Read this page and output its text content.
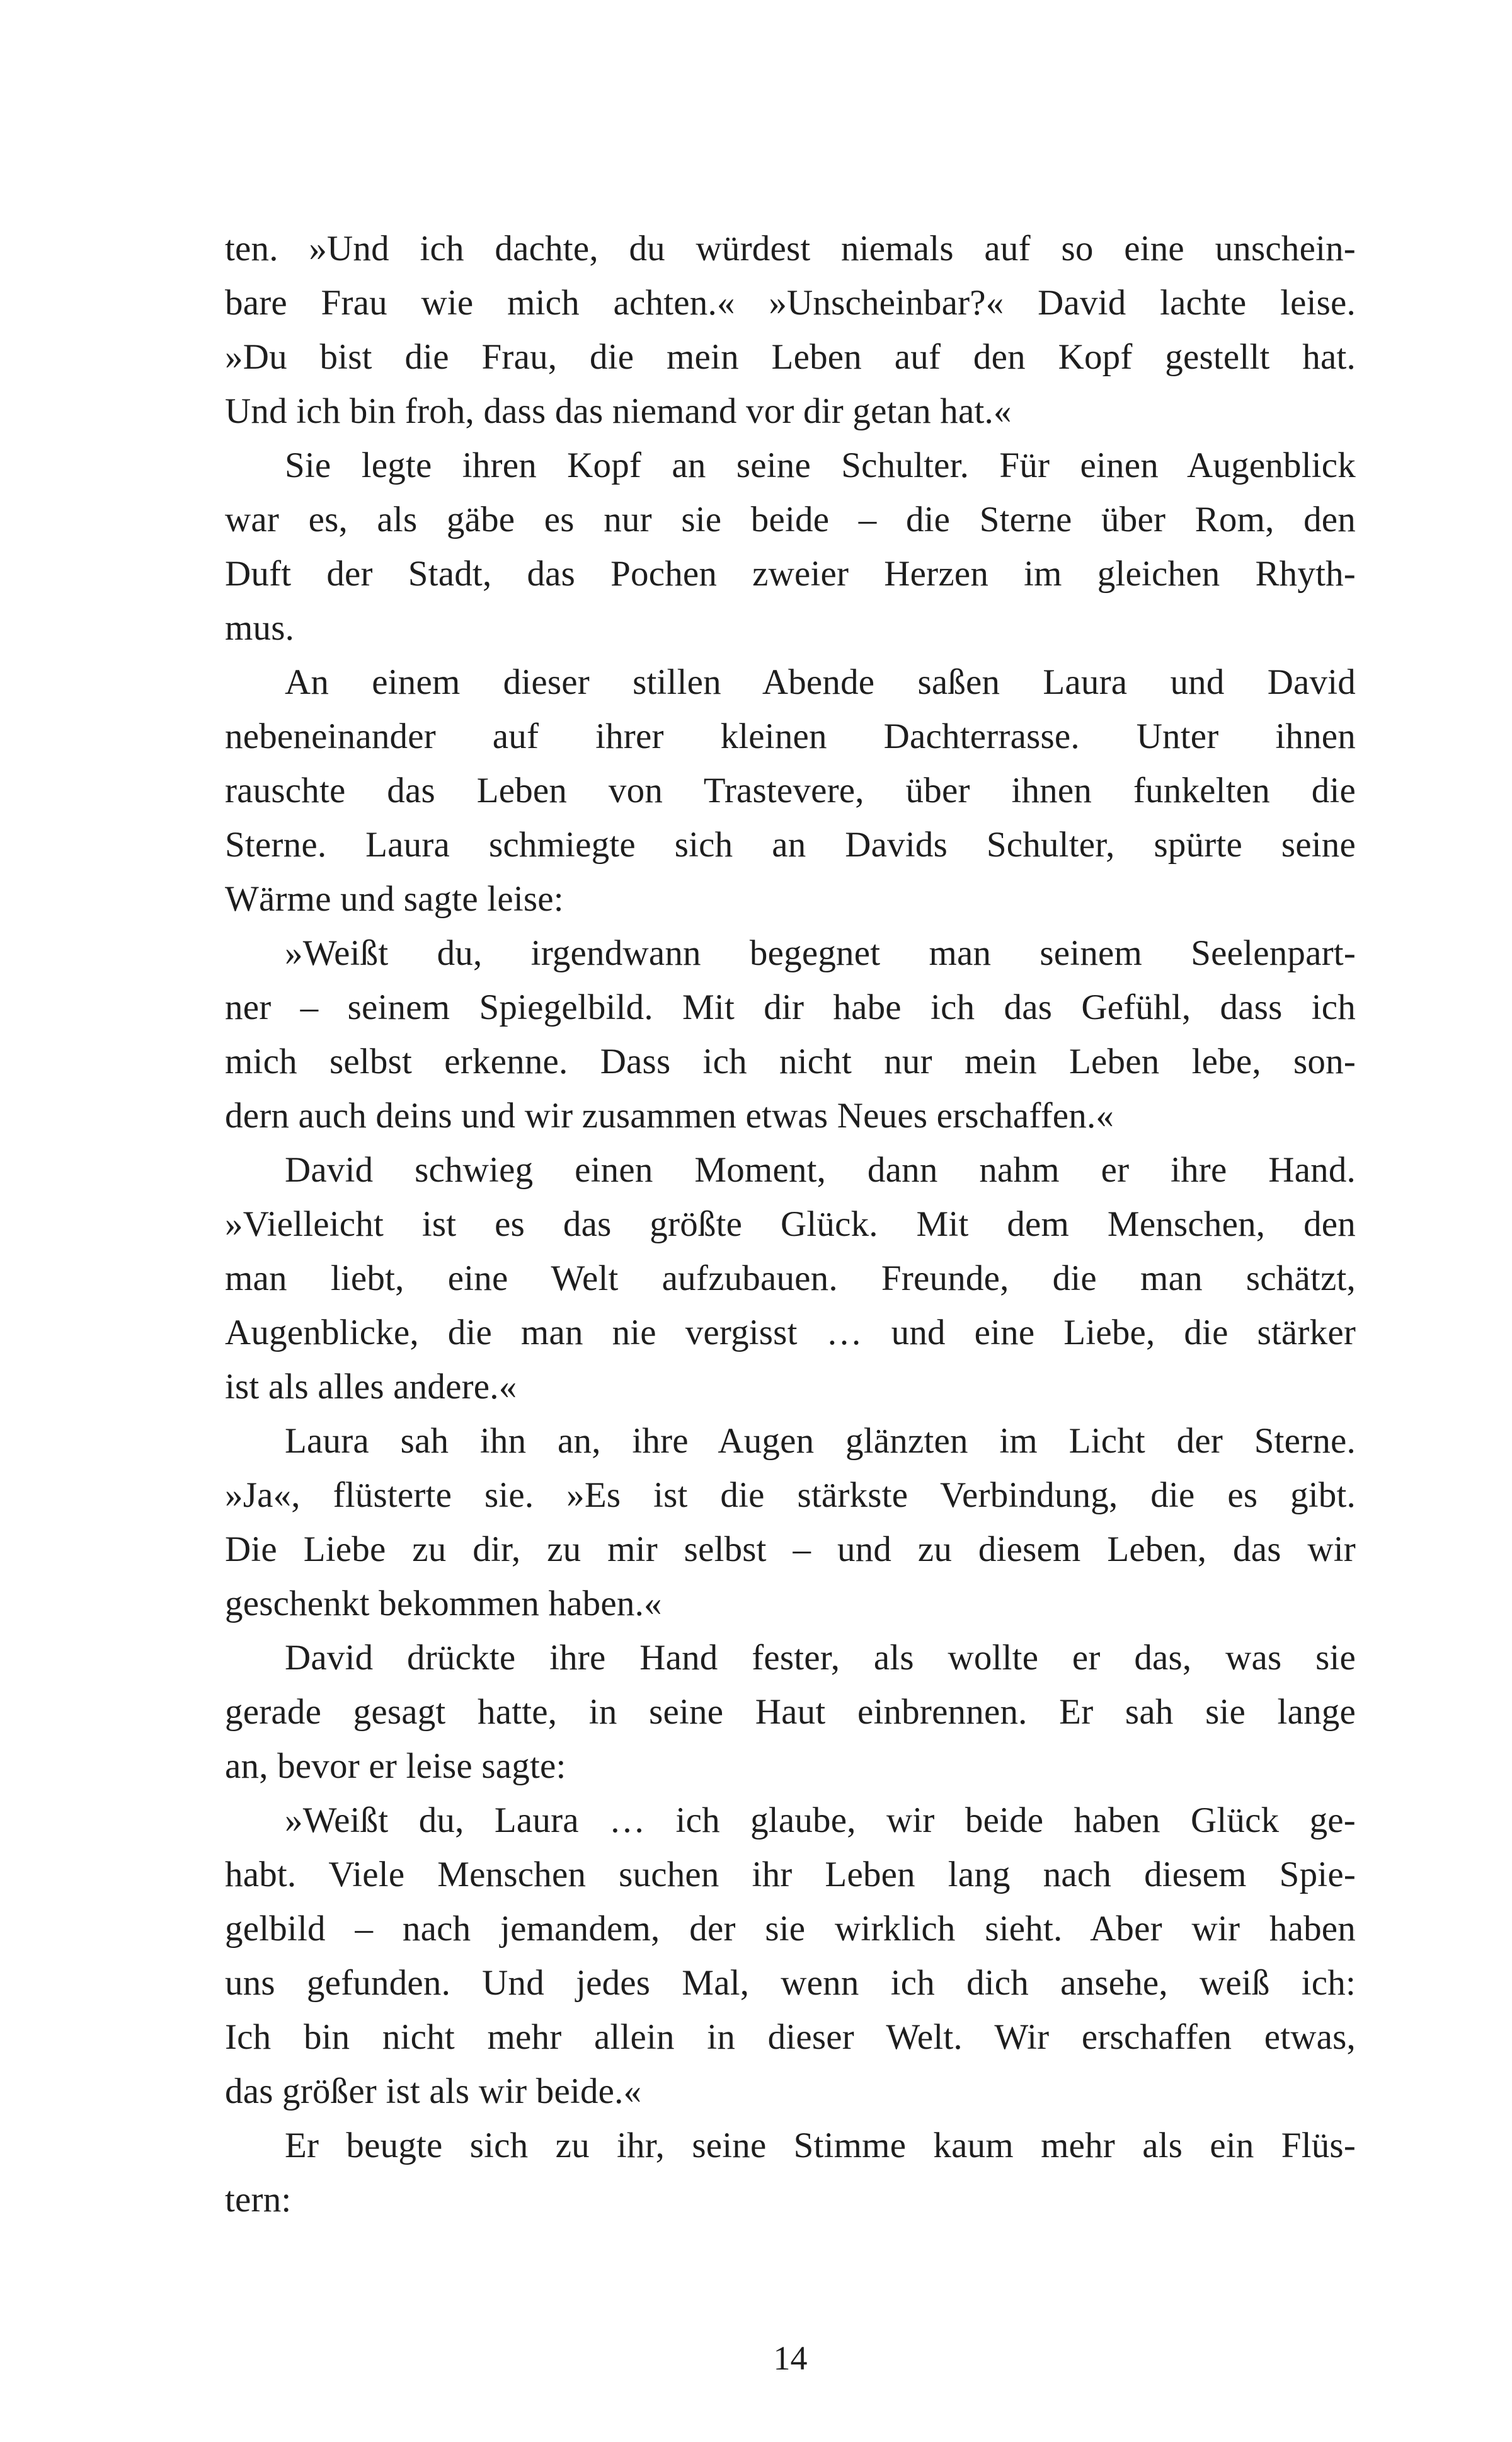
ten. »Und ich dachte, du würdest niemals auf so eine unschein-
bare Frau wie mich achten.« »Unscheinbar?« David lachte leise.
»Du bist die Frau, die mein Leben auf den Kopf gestellt hat.
Und ich bin froh, dass das niemand vor dir getan hat.«
Sie legte ihren Kopf an seine Schulter. Für einen Augenblick
war es, als gäbe es nur sie beide – die Sterne über Rom, den
Duft der Stadt, das Pochen zweier Herzen im gleichen Rhyth-
mus.
An einem dieser stillen Abende saßen Laura und David
nebeneinander auf ihrer kleinen Dachterrasse. Unter ihnen
rauschte das Leben von Trastevere, über ihnen funkelten die
Sterne. Laura schmiegte sich an Davids Schulter, spürte seine
Wärme und sagte leise:
»Weißt du, irgendwann begegnet man seinem Seelenpart-
ner – seinem Spiegelbild. Mit dir habe ich das Gefühl, dass ich
mich selbst erkenne. Dass ich nicht nur mein Leben lebe, son-
dern auch deins und wir zusammen etwas Neues erschaffen.«
David schwieg einen Moment, dann nahm er ihre Hand.
»Vielleicht ist es das größte Glück. Mit dem Menschen, den
man liebt, eine Welt aufzubauen. Freunde, die man schätzt,
Augenblicke, die man nie vergisst … und eine Liebe, die stärker
ist als alles andere.«
Laura sah ihn an, ihre Augen glänzten im Licht der Sterne.
»Ja«, flüsterte sie. »Es ist die stärkste Verbindung, die es gibt.
Die Liebe zu dir, zu mir selbst – und zu diesem Leben, das wir
geschenkt bekommen haben.«
David drückte ihre Hand fester, als wollte er das, was sie
gerade gesagt hatte, in seine Haut einbrennen. Er sah sie lange
an, bevor er leise sagte:
»Weißt du, Laura … ich glaube, wir beide haben Glück ge-
habt. Viele Menschen suchen ihr Leben lang nach diesem Spie-
gelbild – nach jemandem, der sie wirklich sieht. Aber wir haben
uns gefunden. Und jedes Mal, wenn ich dich ansehe, weiß ich:
Ich bin nicht mehr allein in dieser Welt. Wir erschaffen etwas,
das größer ist als wir beide.«
Er beugte sich zu ihr, seine Stimme kaum mehr als ein Flüs-
tern:
14
